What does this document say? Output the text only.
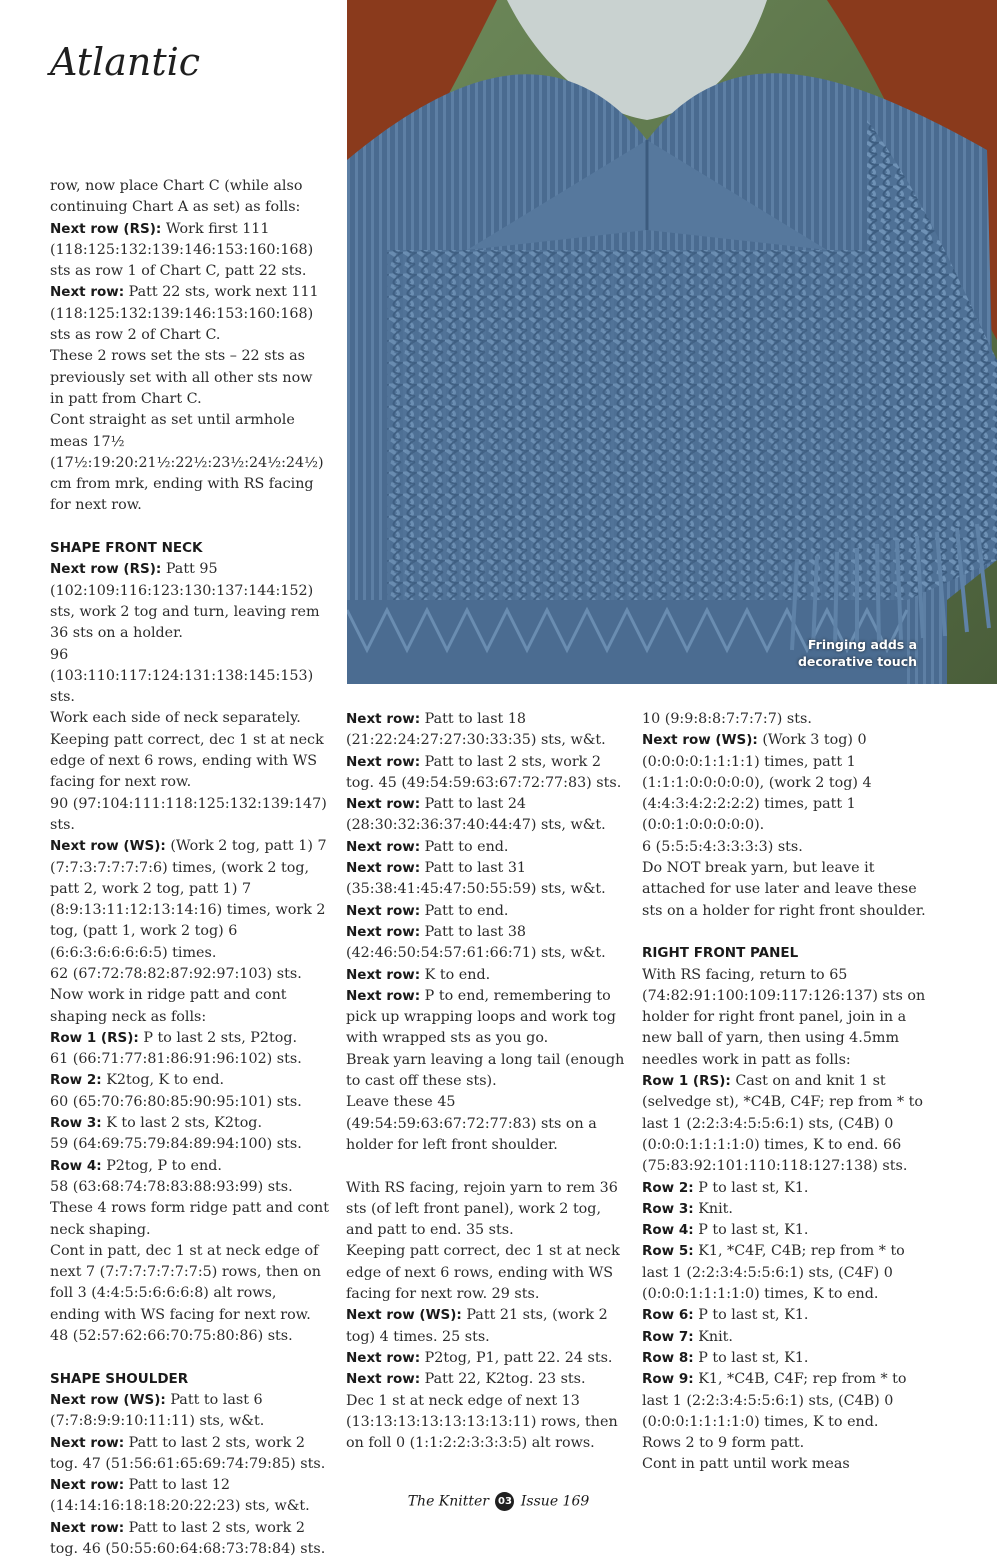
Atlantic
Fringing adds a decorative touch

row, now place Chart C (while also continuing Chart A as set) as folls:

Next row (RS): Work first 111 (118:125:132:139:146:153:160:168) sts as row 1 of Chart C, patt 22 sts.

Next row: Patt 22 sts, work next 111 (118:125:132:139:146:153:160:168) sts as row 2 of Chart C.

These 2 rows set the sts – 22 sts as previously set with all other sts now in patt from Chart C.

Cont straight as set until armhole meas 17½ (17½:19:20:21½:22½:23½:24½:24½) cm from mrk, ending with RS facing for next row.

SHAPE FRONT NECK

Next row (RS): Patt 95 (102:109:116:123:130:137:144:152) sts, work 2 tog and turn, leaving rem 36 sts on a holder.

96 (103:110:117:124:131:138:145:153) sts.

Work each side of neck separately.

Keeping patt correct, dec 1 st at neck edge of next 6 rows, ending with WS facing for next row.

90 (97:104:111:118:125:132:139:147) sts.

Next row (WS): (Work 2 tog, patt 1) 7 (7:7:3:7:7:7:7:6) times, (work 2 tog, patt 2, work 2 tog, patt 1) 7 (8:9:13:11:12:13:14:16) times, work 2 tog, (patt 1, work 2 tog) 6 (6:6:3:6:6:6:6:5) times.

62 (67:72:78:82:87:92:97:103) sts.

Now work in ridge patt and cont shaping neck as folls:

Row 1 (RS): P to last 2 sts, P2tog.

61 (66:71:77:81:86:91:96:102) sts.

Row 2: K2tog, K to end.

60 (65:70:76:80:85:90:95:101) sts.

Row 3: K to last 2 sts, K2tog.

59 (64:69:75:79:84:89:94:100) sts.

Row 4: P2tog, P to end.

58 (63:68:74:78:83:88:93:99) sts.

These 4 rows form ridge patt and cont neck shaping.

Cont in patt, dec 1 st at neck edge of next 7 (7:7:7:7:7:7:7:5) rows, then on foll 3 (4:4:5:5:6:6:6:8) alt rows, ending with WS facing for next row.

48 (52:57:62:66:70:75:80:86) sts.

SHAPE SHOULDER

Next row (WS): Patt to last 6 (7:7:8:9:9:10:11:11) sts, w&t.

Next row: Patt to last 2 sts, work 2 tog. 47 (51:56:61:65:69:74:79:85) sts.

Next row: Patt to last 12 (14:14:16:18:18:20:22:23) sts, w&t.

Next row: Patt to last 2 sts, work 2 tog. 46 (50:55:60:64:68:73:78:84) sts.

Next row: Patt to last 18 (21:22:24:27:27:30:33:35) sts, w&t.

Next row: Patt to last 2 sts, work 2 tog. 45 (49:54:59:63:67:72:77:83) sts.

Next row: Patt to last 24 (28:30:32:36:37:40:44:47) sts, w&t.

Next row: Patt to end.

Next row: Patt to last 31 (35:38:41:45:47:50:55:59) sts, w&t.

Next row: Patt to end.

Next row: Patt to last 38 (42:46:50:54:57:61:66:71) sts, w&t.

Next row: K to end.

Next row: P to end, remembering to pick up wrapping loops and work tog with wrapped sts as you go.

Break yarn leaving a long tail (enough to cast off these sts).

Leave these 45 (49:54:59:63:67:72:77:83) sts on a holder for left front shoulder.

With RS facing, rejoin yarn to rem 36 sts (of left front panel), work 2 tog, and patt to end. 35 sts.

Keeping patt correct, dec 1 st at neck edge of next 6 rows, ending with WS facing for next row. 29 sts.

Next row (WS): Patt 21 sts, (work 2 tog) 4 times. 25 sts.

Next row: P2tog, P1, patt 22. 24 sts.

Next row: Patt 22, K2tog. 23 sts.

Dec 1 st at neck edge of next 13 (13:13:13:13:13:13:13:11) rows, then on foll 0 (1:1:2:2:3:3:3:5) alt rows.

10 (9:9:8:8:7:7:7:7) sts.

Next row (WS): (Work 3 tog) 0 (0:0:0:0:1:1:1:1) times, patt 1 (1:1:1:0:0:0:0:0), (work 2 tog) 4 (4:4:3:4:2:2:2:2) times, patt 1 (0:0:1:0:0:0:0:0).

6 (5:5:5:4:3:3:3:3) sts.

Do NOT break yarn, but leave it attached for use later and leave these sts on a holder for right front shoulder.

RIGHT FRONT PANEL

With RS facing, return to 65 (74:82:91:100:109:117:126:137) sts on holder for right front panel, join in a new ball of yarn, then using 4.5mm needles work in patt as folls:

Row 1 (RS): Cast on and knit 1 st (selvedge st), *C4B, C4F; rep from * to last 1 (2:2:3:4:5:5:6:1) sts, (C4B) 0 (0:0:0:1:1:1:1:0) times, K to end. 66 (75:83:92:101:110:118:127:138) sts.

Row 2: P to last st, K1.

Row 3: Knit.

Row 4: P to last st, K1.

Row 5: K1, *C4F, C4B; rep from * to last 1 (2:2:3:4:5:5:6:1) sts, (C4F) 0 (0:0:0:1:1:1:1:0) times, K to end.

Row 6: P to last st, K1.

Row 7: Knit.

Row 8: P to last st, K1.

Row 9: K1, *C4B, C4F; rep from * to last 1 (2:2:3:4:5:5:6:1) sts, (C4B) 0 (0:0:0:1:1:1:1:0) times, K to end.

Rows 2 to 9 form patt.

Cont in patt until work meas

The Knitter 03 Issue 169
